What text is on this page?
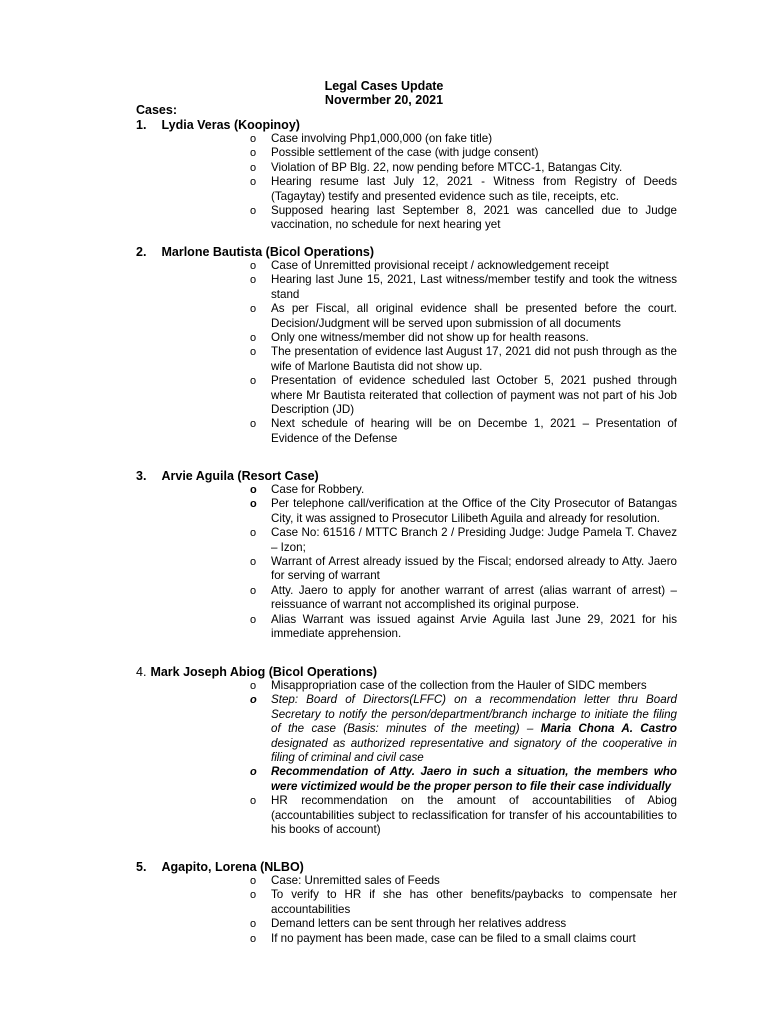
Legal Cases Update
Novermber 20, 2021
Cases:
1. Lydia Veras (Koopinoy)
o	Case involving Php1,000,000 (on fake title)
o	Possible settlement of the case (with judge consent)
o	Violation of BP Blg. 22, now pending before MTCC-1, Batangas City.
o	Hearing resume last July 12, 2021 - Witness from Registry of Deeds (Tagaytay) testify and presented evidence such as tile, receipts, etc.
o	Supposed hearing last September 8, 2021 was cancelled due to Judge vaccination, no schedule for next hearing yet
2. Marlone Bautista (Bicol Operations)
o	Case of Unremitted provisional receipt / acknowledgement receipt
o	Hearing last June 15, 2021, Last witness/member testify and took the witness stand
o	As per Fiscal, all original evidence shall be presented before the court. Decision/Judgment will be served upon submission of all documents
o	Only one witness/member did not show up for health reasons.
o	The presentation of evidence last August 17, 2021 did not push through as the wife of Marlone Bautista did not show up.
o	Presentation of evidence scheduled last October 5, 2021 pushed through where Mr Bautista reiterated that collection of payment was not part of his Job Description (JD)
o	Next schedule of hearing will be on Decembe 1, 2021 – Presentation of Evidence of the Defense
3. Arvie Aguila (Resort Case)
o	Case for Robbery.
o	Per telephone call/verification at the Office of the City Prosecutor of Batangas City, it was assigned to Prosecutor Lilibeth Aguila and already for resolution.
o	Case No: 61516 / MTTC Branch 2 / Presiding Judge: Judge Pamela T. Chavez – Izon;
o	Warrant of Arrest already issued by the Fiscal; endorsed already to Atty. Jaero for serving of warrant
o	Atty. Jaero to apply for another warrant of arrest (alias warrant of arrest) – reissuance of warrant not accomplished its original purpose.
o	Alias Warrant was issued against Arvie Aguila last June 29, 2021 for his immediate apprehension.
4. Mark Joseph Abiog (Bicol Operations)
o	Misappropriation case of the collection from the Hauler of SIDC members
o	Step: Board of Directors(LFFC) on a recommendation letter thru Board Secretary to notify the person/department/branch incharge to initiate the filing of the case (Basis: minutes of the meeting) – Maria Chona A. Castro designated as authorized representative and signatory of the cooperative in filing of criminal and civil case
o	Recommendation of Atty. Jaero in such a situation, the members who were victimized would be the proper person to file their case individually
o	HR recommendation on the amount of accountabilities of Abiog (accountabilities subject to reclassification for transfer of his accountabilities to his books of account)
5. Agapito, Lorena (NLBO)
o	Case: Unremitted sales of Feeds
o	To verify to HR if she has other benefits/paybacks to compensate her accountabilities
o	Demand letters can be sent through her relatives address
o	If no payment has been made, case can be filed to a small claims court
